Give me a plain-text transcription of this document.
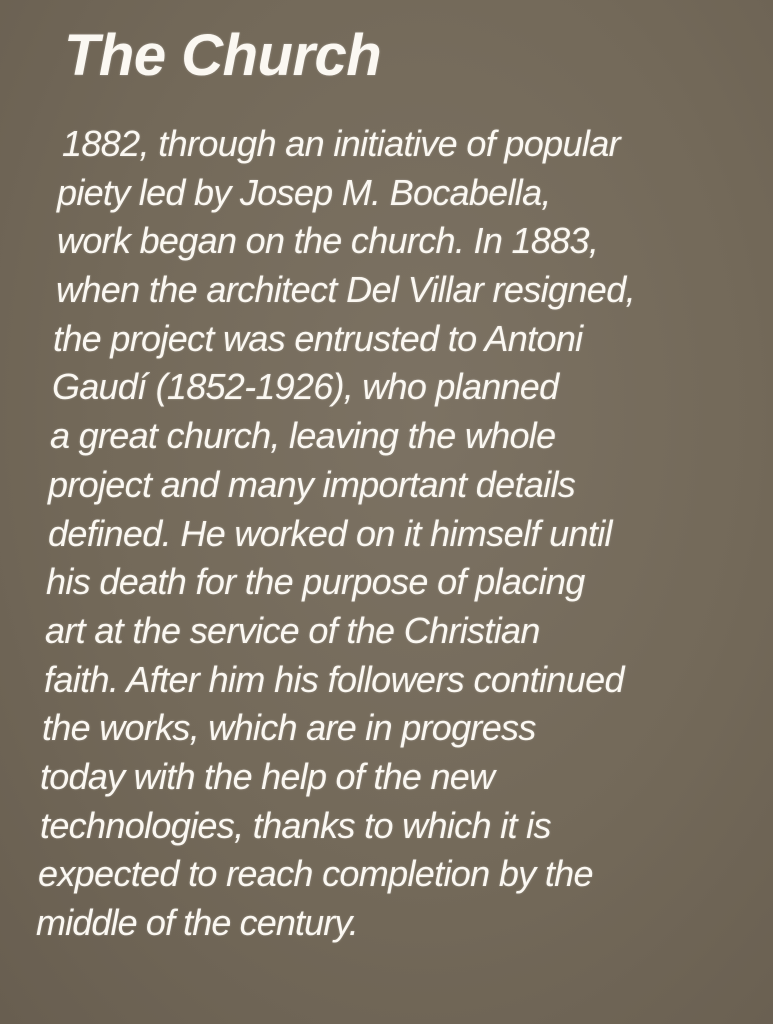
The Church
1882, through an initiative of popular
piety led by Josep M. Bocabella,
work began on the church. In 1883,
when the architect Del Villar resigned,
the project was entrusted to Antoni
Gaudí (1852-1926), who planned
a great church, leaving the whole
project and many important details
defined. He worked on it himself until
his death for the purpose of placing
art at the service of the Christian
faith. After him his followers continued
the works, which are in progress
today with the help of the new
technologies, thanks to which it is
expected to reach completion by the
middle of the century.
